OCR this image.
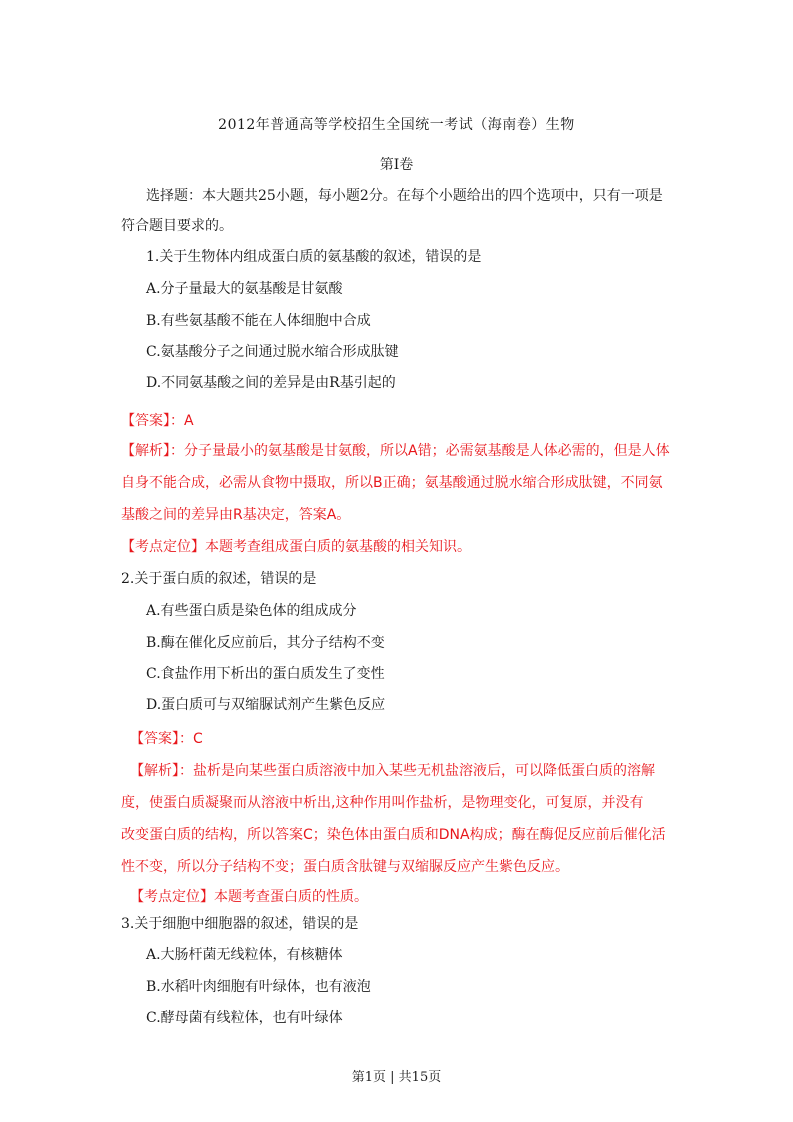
2012年普通高等学校招生全国统一考试（海南卷）生物
第I卷
选择题：本大题共25小题，每小题2分。在每个小题给出的四个选项中，只有一项是
符合题目要求的。
1.关于生物体内组成蛋白质的氨基酸的叙述，错误的是
A.分子量最大的氨基酸是甘氨酸
B.有些氨基酸不能在人体细胞中合成
C.氨基酸分子之间通过脱水缩合形成肽键
D.不同氨基酸之间的差异是由R基引起的
【答案】：A
【解析】：分子量最小的氨基酸是甘氨酸，所以A错；必需氨基酸是人体必需的，但是人体
自身不能合成，必需从食物中摄取，所以B正确；氨基酸通过脱水缩合形成肽键，不同氨
基酸之间的差异由R基决定，答案A。
【考点定位】本题考查组成蛋白质的氨基酸的相关知识。
2.关于蛋白质的叙述，错误的是
A.有些蛋白质是染色体的组成成分
B.酶在催化反应前后，其分子结构不变
C.食盐作用下析出的蛋白质发生了变性
D.蛋白质可与双缩脲试剂产生紫色反应
【答案】：C
【解析】：盐析是向某些蛋白质溶液中加入某些无机盐溶液后，可以降低蛋白质的溶解
度，使蛋白质凝聚而从溶液中析出,这种作用叫作盐析，是物理变化，可复原，并没有
改变蛋白质的结构，所以答案C；染色体由蛋白质和DNA构成；酶在酶促反应前后催化活
性不变，所以分子结构不变；蛋白质含肽键与双缩脲反应产生紫色反应。
【考点定位】本题考查蛋白质的性质。
3.关于细胞中细胞器的叙述，错误的是
A.大肠杆菌无线粒体，有核糖体
B.水稻叶肉细胞有叶绿体，也有液泡
C.酵母菌有线粒体，也有叶绿体
第1页 | 共15页
